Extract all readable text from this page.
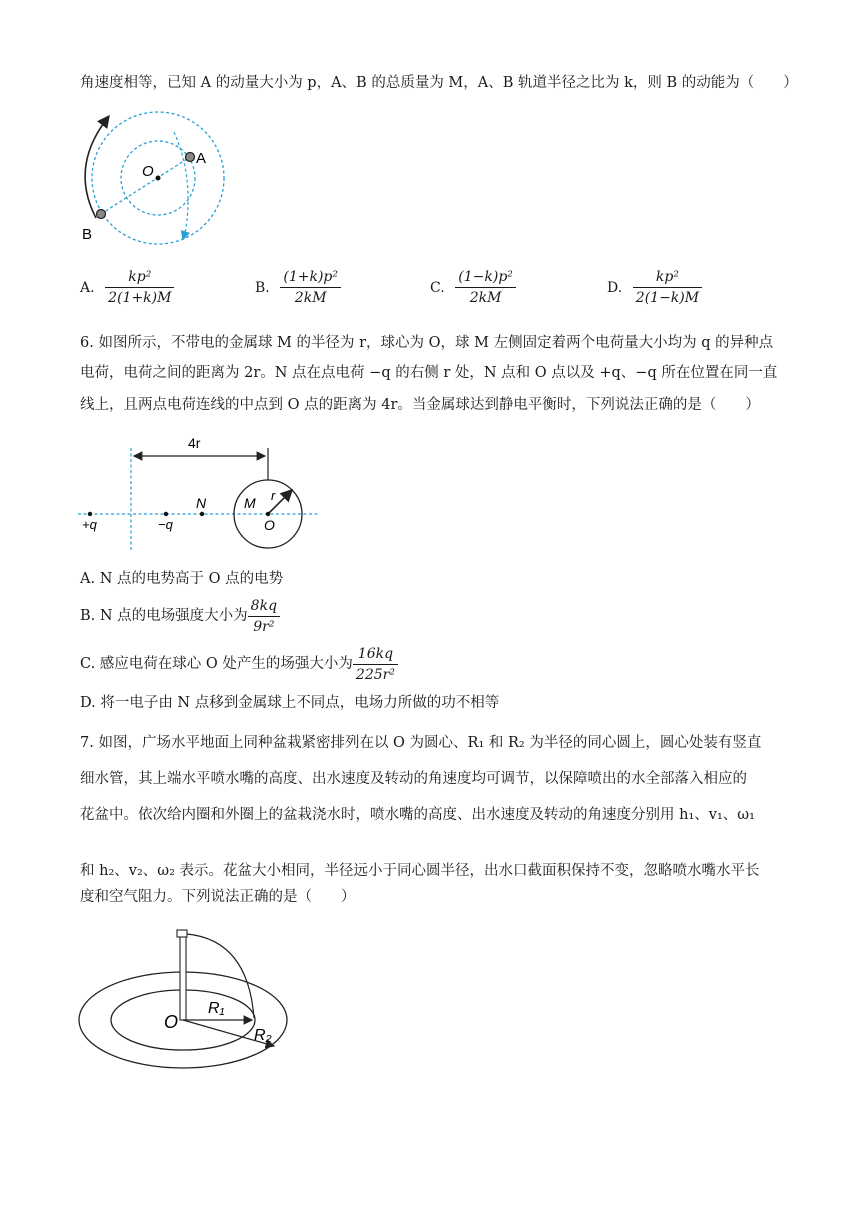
角速度相等，已知 A 的动量大小为 p，A、B 的总质量为 M，A、B 轨道半径之比为 k，则 B 的动能为（　　）
O
A
B
A. $\frac{\text{kp²}}{2(1+k)M}$	B. $\frac{\text{(1+k)p²}}{2kM}$	C. $\frac{\text{(1−k)p²}}{2kM}$	D. $\frac{\text{kp²}}{2(1-k)M}$
6. 如图所示，不带电的金属球 M 的半径为 r，球心为 O，球 M 左侧固定着两个电荷量大小均为 q 的异种点
电荷，电荷之间的距离为 2r。N 点在点电荷 −q 的右侧 r 处，N 点和 O 点以及 +q、−q 所在位置在同一直
线上，且两点电荷连线的中点到 O 点的距离为 4r。当金属球达到静电平衡时，下列说法正确的是（　　）
4r
+q	−q
N	M r
O
A. N 点的电势高于 O 点的电势
B. N 点的电场强度大小为 $\frac{8kq}{\text{9r²}}$
C. 感应电荷在球心 O 处产生的场强大小为 $\frac{16kq}{\text{225r²}}$
D. 将一电子由 N 点移到金属球上不同点，电场力所做的功不相等
7. 如图，广场水平地面上同种盆栽紧密排列在以 O 为圆心、R₁ 和 R₂ 为半径的同心圆上，圆心处装有竖直
细水管，其上端水平喷水嘴的高度、出水速度及转动的角速度均可调节，以保障喷出的水全部落入相应的
花盆中。依次给内圈和外圈上的盆栽浇水时，喷水嘴的高度、出水速度及转动的角速度分别用 h₁、v₁、ω₁
和 h₂、v₂、ω₂ 表示。花盆大小相同，半径远小于同心圆半径，出水口截面积保持不变，忽略喷水嘴水平长
度和空气阻力。下列说法正确的是（　　）
O
R₁
R₂
